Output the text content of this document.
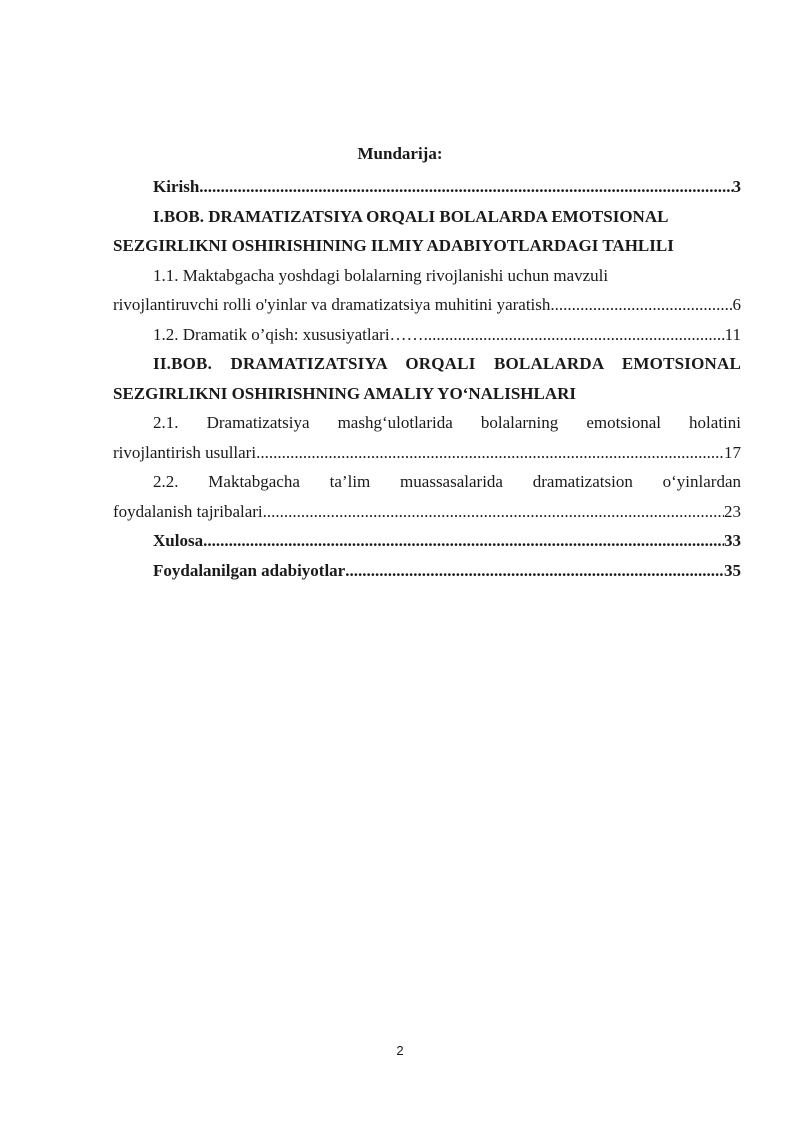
Mundarija:
Kirish .....	3
I.BOB. DRAMATIZATSIYA ORQALI BOLALARDA EMOTSIONAL
SEZGIRLIKNI OSHIRISHINING ILMIY ADABIYOTLARDAGI TAHLILI
1.1. Maktabgacha yoshdagi bolalarning rivojlanishi uchun mavzuli
rivojlantiruvchi rolli o'yinlar va dramatizatsiya muhitini yaratish .....	6
1.2. Dramatik o’qish: xususiyatlari…… .....	11
II.BOB. DRAMATIZATSIYA ORQALI BOLALARDA EMOTSIONAL
SEZGIRLIKNI OSHIRISHNING AMALIY YO‘NALISHLARI
2.1. Dramatizatsiya mashg‘ulotlarida bolalarning emotsional holatini
rivojlantirish usullari .....	17
2.2. Maktabgacha ta’lim muassasalarida dramatizatsion o‘yinlardan
foydalanish tajribalari .....	23
Xulosa .....	33
Foydalanilgan adabiyotlar .....	35
2
